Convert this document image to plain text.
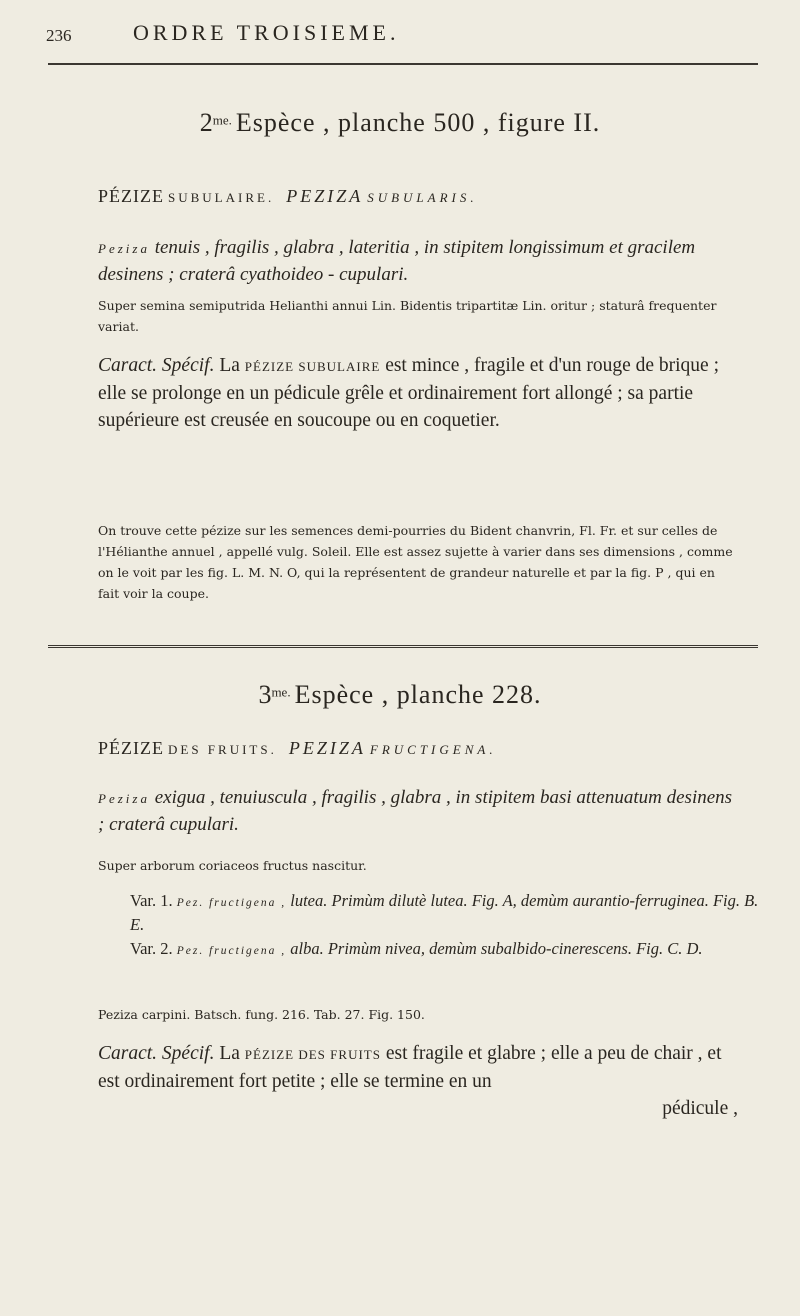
236	ORDRE TROISIEME.
$2^{me.}$ Espèce , planche 500 , figure II.
PÉZIZE SUBULAIRE. PEZIZA SUBULARIS.
Peziza tenuis , fragilis , glabra , lateritia , in stipitem longissimum et gracilem desinens ; craterâ cyathoideo - cupulari.
Super semina semiputrida Helianthi annui Lin. Bidentis tripartitæ Lin. oritur ; staturâ frequenter variat.
Caract. Spécif. La PÉZIZE SUBULAIRE est mince , fragile et d'un rouge de brique ; elle se prolonge en un pédicule grêle et ordinairement fort allongé ; sa partie supérieure est creusée en soucoupe ou en coquetier.
On trouve cette pézize sur les semences demi-pourries du Bident chanvrin, Fl. Fr. et sur celles de l'Hélianthe annuel , appellé vulg. Soleil. Elle est assez sujette à varier dans ses dimensions , comme on le voit par les fig. L. M. N. O, qui la représentent de grandeur naturelle et par la fig. P , qui en fait voir la coupe.
$3^{me.}$ Espèce , planche 228.
PÉZIZE DES FRUITS. PEZIZA FRUCTIGENA.
Peziza exigua , tenuiuscula , fragilis , glabra , in stipitem basi attenuatum desinens ; craterâ cupulari.
Super arborum coriaceos fructus nascitur.
Var. 1. Pez. fructigena , lutea. Primùm dilutè lutea. Fig. A, demùm aurantio-ferruginea. Fig. B. E.
Var. 2. Pez. fructigena , alba. Primùm nivea, demùm subalbido-cinerescens. Fig. C. D.
Peziza carpini. Batsch. fung. 216. Tab. 27. Fig. 150.
Caract. Spécif. La PÉZIZE DES FRUITS est fragile et glabre ; elle a peu de chair , et est ordinairement fort petite ; elle se termine en un
pédicule ,
